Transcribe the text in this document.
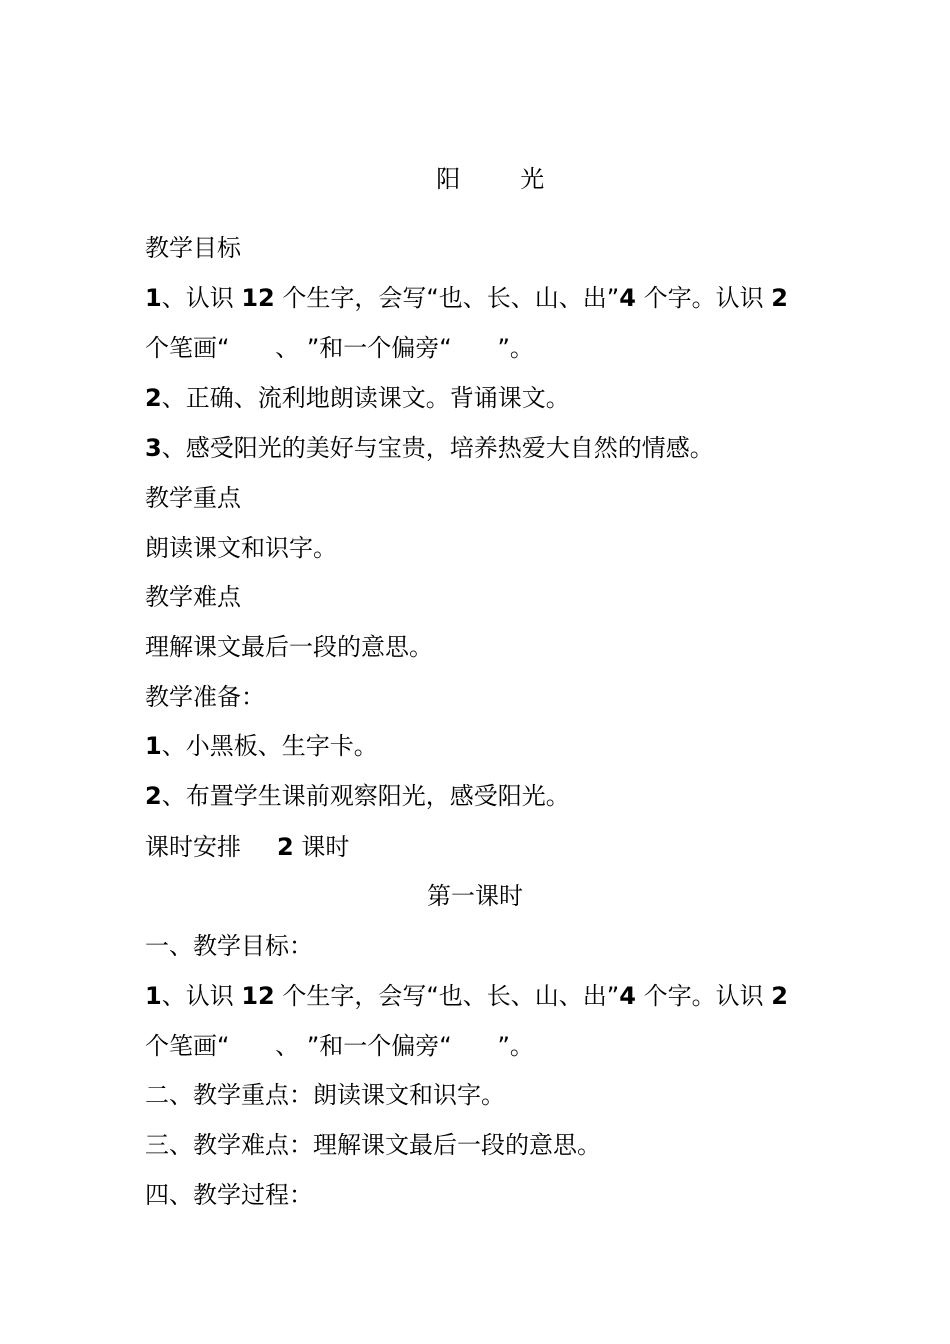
阳	光

教学目标
1、认识 12 个生字，会写“也、长、山、出”4 个字。认识 2
个笔画“      、 ”和一个偏旁“      ”。
2、正确、流利地朗读课文。背诵课文。
3、感受阳光的美好与宝贵，培养热爱大自然的情感。
教学重点
朗读课文和识字。
教学难点
理解课文最后一段的意思。
教学准备：
1、小黑板、生字卡。
2、布置学生课前观察阳光，感受阳光。
课时安排 2 课时
第一课时
一、教学目标：
1、认识 12 个生字，会写“也、长、山、出”4 个字。认识 2
个笔画“      、 ”和一个偏旁“      ”。
二、教学重点：朗读课文和识字。
三、教学难点：理解课文最后一段的意思。
四、教学过程：
